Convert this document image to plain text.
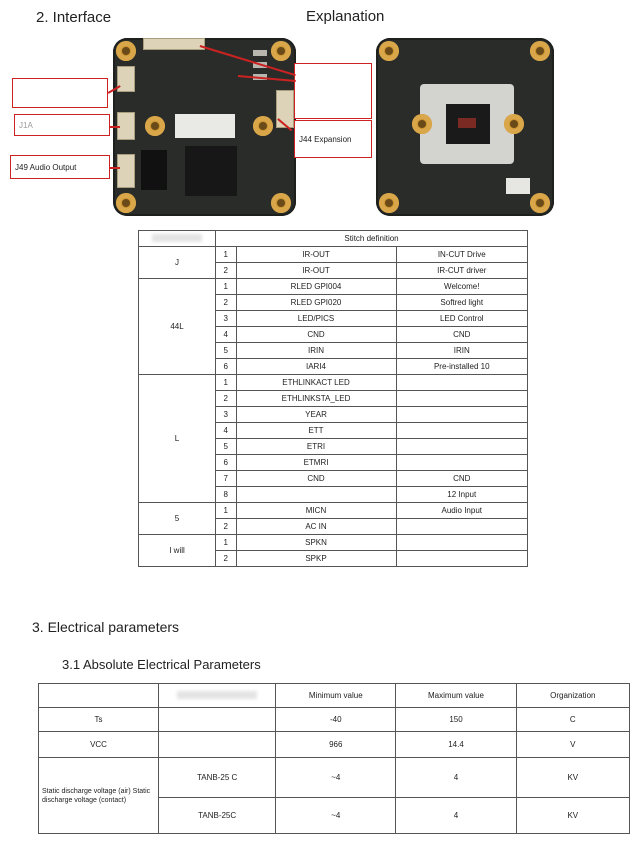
2. Interface	Explanation
J1A
J49 Audio Output
J44 Expansion
	Stitch definition		
J	1	IR-OUT	IN-CUT Drive
	2	IR-OUT	IR-CUT driver
44L	1	RLED GPI004	Welcome!
	2	RLED GPI020	Softred light
	3	LED/PICS	LED Control
	4	CND	CND
	5	IRIN	IRIN
	6	IARI4	Pre-installed 10
L	1	ETHLINKACT LED	
	2	ETHLINKSTA_LED	
	3	YEAR	
	4	ETT	
	5	ETRI	
	6	ETMRI	
	7	CND	CND
	8		12 Input
5	1	MICN	Audio Input
	2	AC IN	
I will	1	SPKN	
	2	SPKP	
3. Electrical parameters
3.1 Absolute Electrical Parameters
		Minimum value	Maximum value	Organization
Ts		-40	150	C
VCC		966	14.4	V
Static discharge voltage (air) Static discharge voltage (contact)	TANB-25 C	~4	4	KV
	TANB-25C	~4	4	KV
